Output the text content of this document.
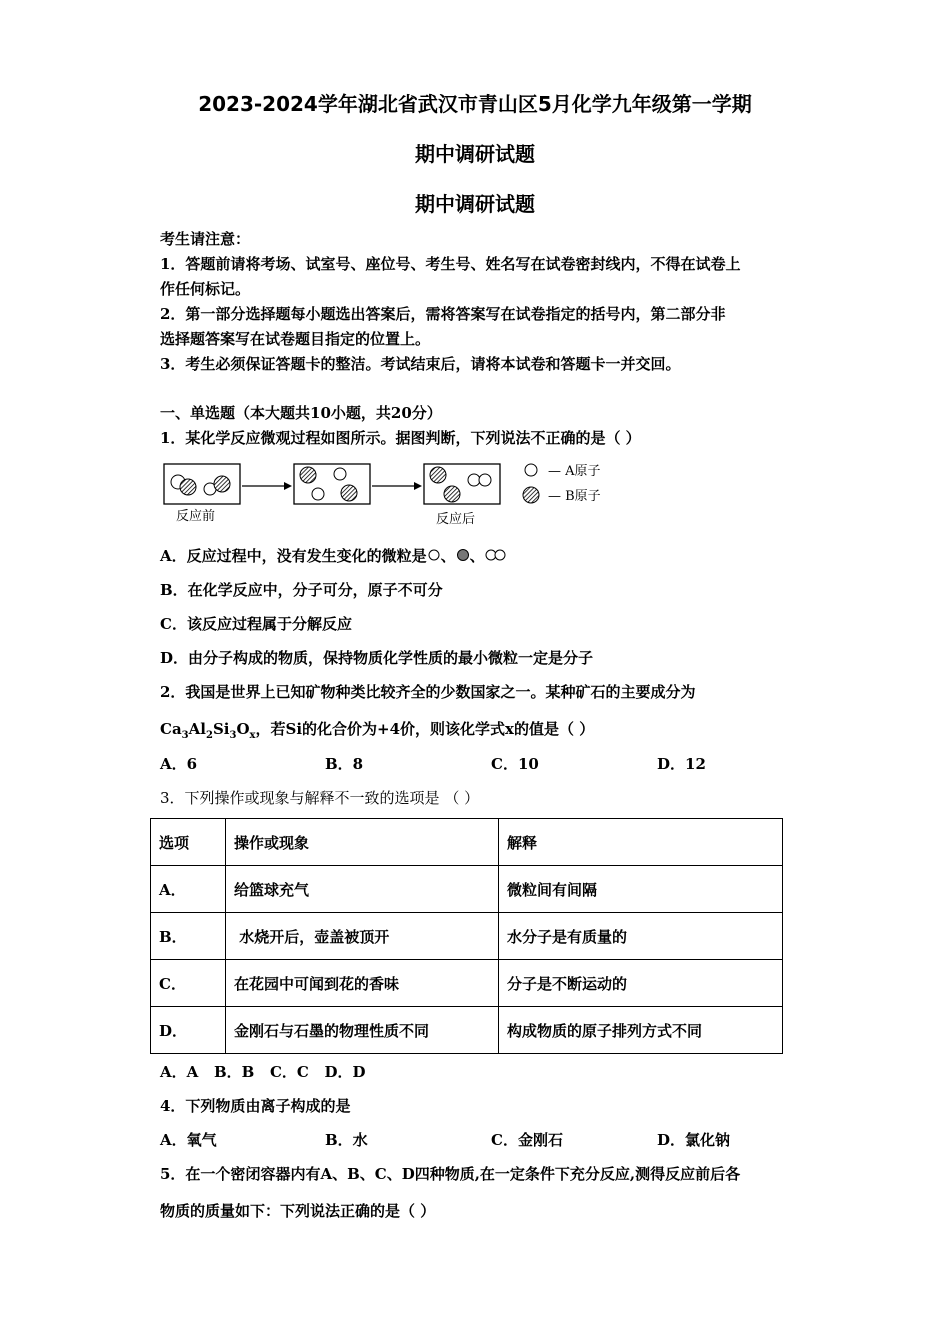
2023-2024学年湖北省武汉市青山区5月化学九年级第一学期
期中调研试题
期中调研试题
考生请注意：
1．答题前请将考场、试室号、座位号、考生号、姓名写在试卷密封线内，不得在试卷上
作任何标记。
2．第一部分选择题每小题选出答案后，需将答案写在试卷指定的括号内，第二部分非
选择题答案写在试卷题目指定的位置上。
3．考生必须保证答题卡的整洁。考试结束后，请将本试卷和答题卡一并交回。
一、单选题（本大题共10小题，共20分）
1．某化学反应微观过程如图所示。据图判断，下列说法不正确的是（ ）
— A原子
— B原子
反应前	反应后
A．反应过程中，没有发生变化的微粒是 、 、
B．在化学反应中，分子可分，原子不可分
C．该反应过程属于分解反应
D．由分子构成的物质，保持物质化学性质的最小微粒一定是分子
2．我国是世界上已知矿物种类比较齐全的少数国家之一。某种矿石的主要成分为
$Ca_3Al_2Si_3O_x$，若Si的化合价为+4价，则该化学式x的值是（ ）
A．6	B．8	C．10	D．12
3．下列操作或现象与解释不一致的选项是 （ ）
选项	操作或现象	解释
A．	给篮球充气	微粒间有间隔
B．	水烧开后，壶盖被顶开	水分子是有质量的
C．	在花园中可闻到花的香味	分子是不断运动的
D．	金刚石与石墨的物理性质不同	构成物质的原子排列方式不同
A．A   B．B   C．C   D．D
4．下列物质由离子构成的是
A．氧气	B．水	C．金刚石	D．氯化钠
5．在一个密闭容器内有A、B、C、D四种物质,在一定条件下充分反应,测得反应前后各
物质的质量如下：下列说法正确的是（ ）
